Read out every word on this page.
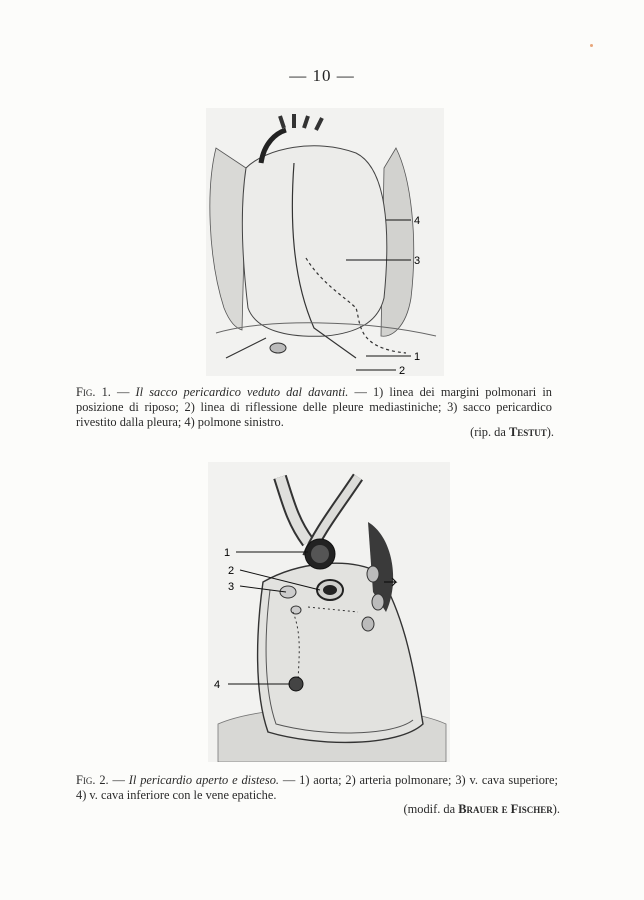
— 10 —
4
3
1
2
Fig. 1. — Il sacco pericardico veduto dal davanti. — 1) linea dei margini polmonari in posizione di riposo; 2) linea di riflessione delle pleure mediastiniche; 3) sacco pericardico rivestito dalla pleura; 4) polmone sinistro.
(rip. da Testut).
1
2
3
4
Fig. 2. — Il pericardio aperto e disteso. — 1) aorta; 2) arteria polmonare; 3) v. cava superiore; 4) v. cava inferiore con le vene epatiche.
(modif. da Brauer e Fischer).
